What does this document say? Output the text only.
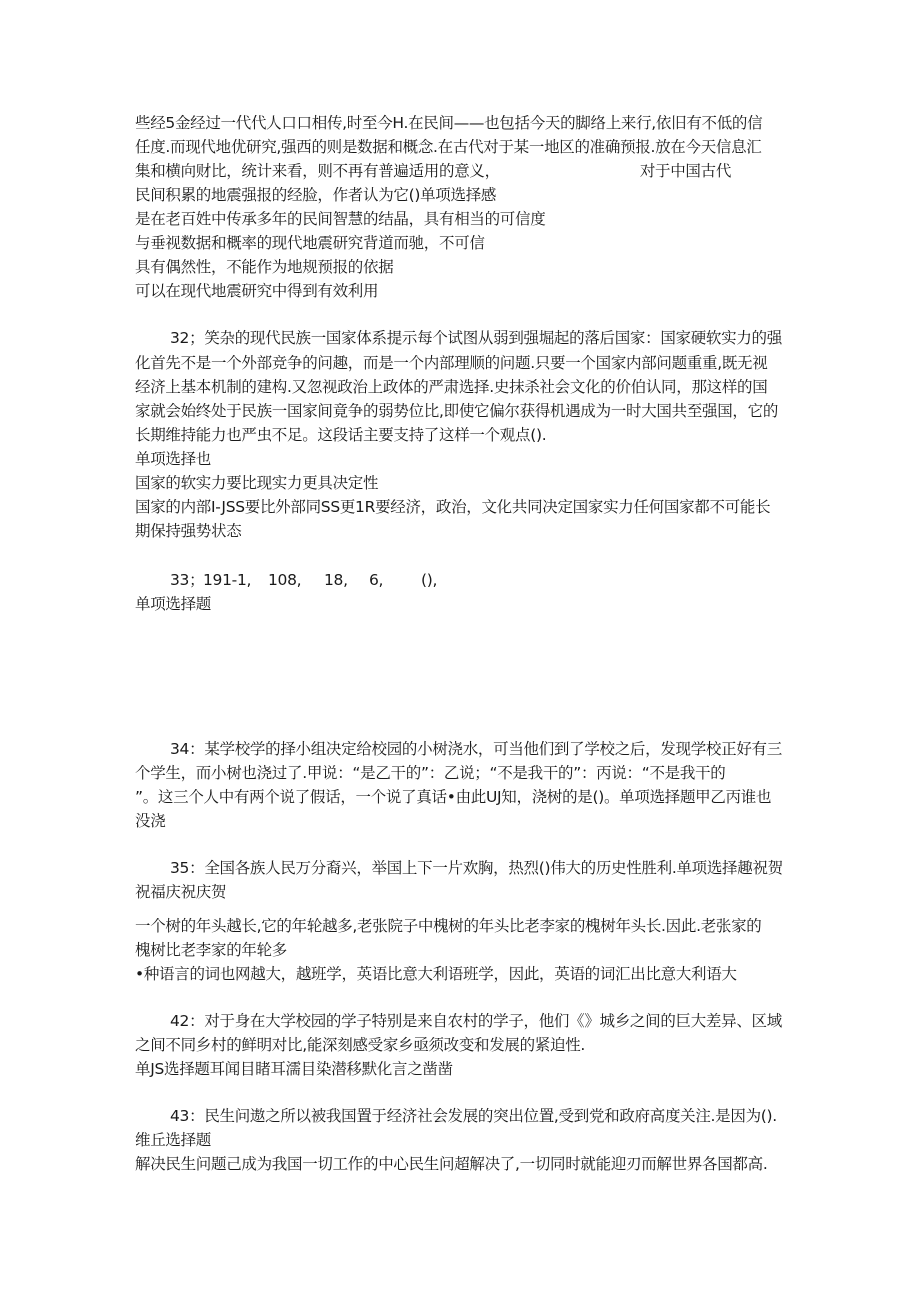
些经5金经过一代代人口口相传,时至今H.在民间——也包括今天的脚络上来行,依旧有不低的信
任度.而现代地优研究,强西的则是数据和概念.在古代对于某一地区的准确预报.放在今天信息汇
集和横向财比，统计来看，则不再有普遍适用的意义，	对于中国古代
民间积累的地震强报的经脸，作者认为它()单项选择感
是在老百姓中传承多年的民间智慧的结晶，具有相当的可信度
与垂视数据和概率的现代地震研究背道而驰，不可信
具有偶然性，不能作为地规预报的依据
可以在现代地震研究中得到有效利用
32；笑杂的现代民族一国家体系提示每个试图从弱到强堀起的落后国家：国家硬软实力的强
化首先不是一个外部竞争的问趣，而是一个内部理顺的问题.只要一个国家内部问题重重,既无视
经济上基本机制的建构.又忽视政治上政体的严肃选择.史抹杀社会文化的价伯认同，那这样的国
家就会始终处于民族一国家间竟争的弱势位比,即使它偏尔获得机遇成为一时大国共至强国，它的
长期维持能力也严虫不足。这段话主要支持了这样一个观点().
单项选择也
国家的软实力要比现实力更具决定性
国家的内部I-JSS要比外部同SS更1R要经济，政治，文化共同决定国家实力任何国家都不可能长
期保持强势状态
33；191-1, 108, 18, 6, (),
单项选择题
34：某学校学的择小组决定给校园的小树浇水，可当他们到了学校之后，发现学校正好有三
个学生，而小树也浇过了.甲说：“是乙干的”：乙说；“不是我干的”：丙说：“不是我干的
”。这三个人中有两个说了假话，一个说了真话•由此UJ知，浇树的是()。单项选择题甲乙丙谁也
没浇
35：全国各族人民万分裔兴，举国上下一片欢胸，热烈()伟大的历史性胜利.单项选择趣祝贺
祝福庆祝庆贺
一个树的年头越长,它的年轮越多,老张院子中槐树的年头比老李家的槐树年头长.因此.老张家的
槐树比老李家的年轮多
•种语言的词也网越大，越班学，英语比意大利语班学，因此，英语的词汇出比意大利语大
42：对于身在大学校园的学子特别是来自农村的学子，他们《》城乡之间的巨大差异、区域
之间不同乡村的鲜明对比,能深刻感受家乡亟须改变和发展的紧迫性.
单JS选择题耳闻目睹耳濡目染潜移默化言之凿凿
43：民生问遨之所以被我国置于经济社会发展的突出位置,受到党和政府高度关注.是因为().
维丘选择题
解决民生问题己成为我国一切工作的中心民生问超解决了,一切同时就能迎刃而解世界各国都高.
